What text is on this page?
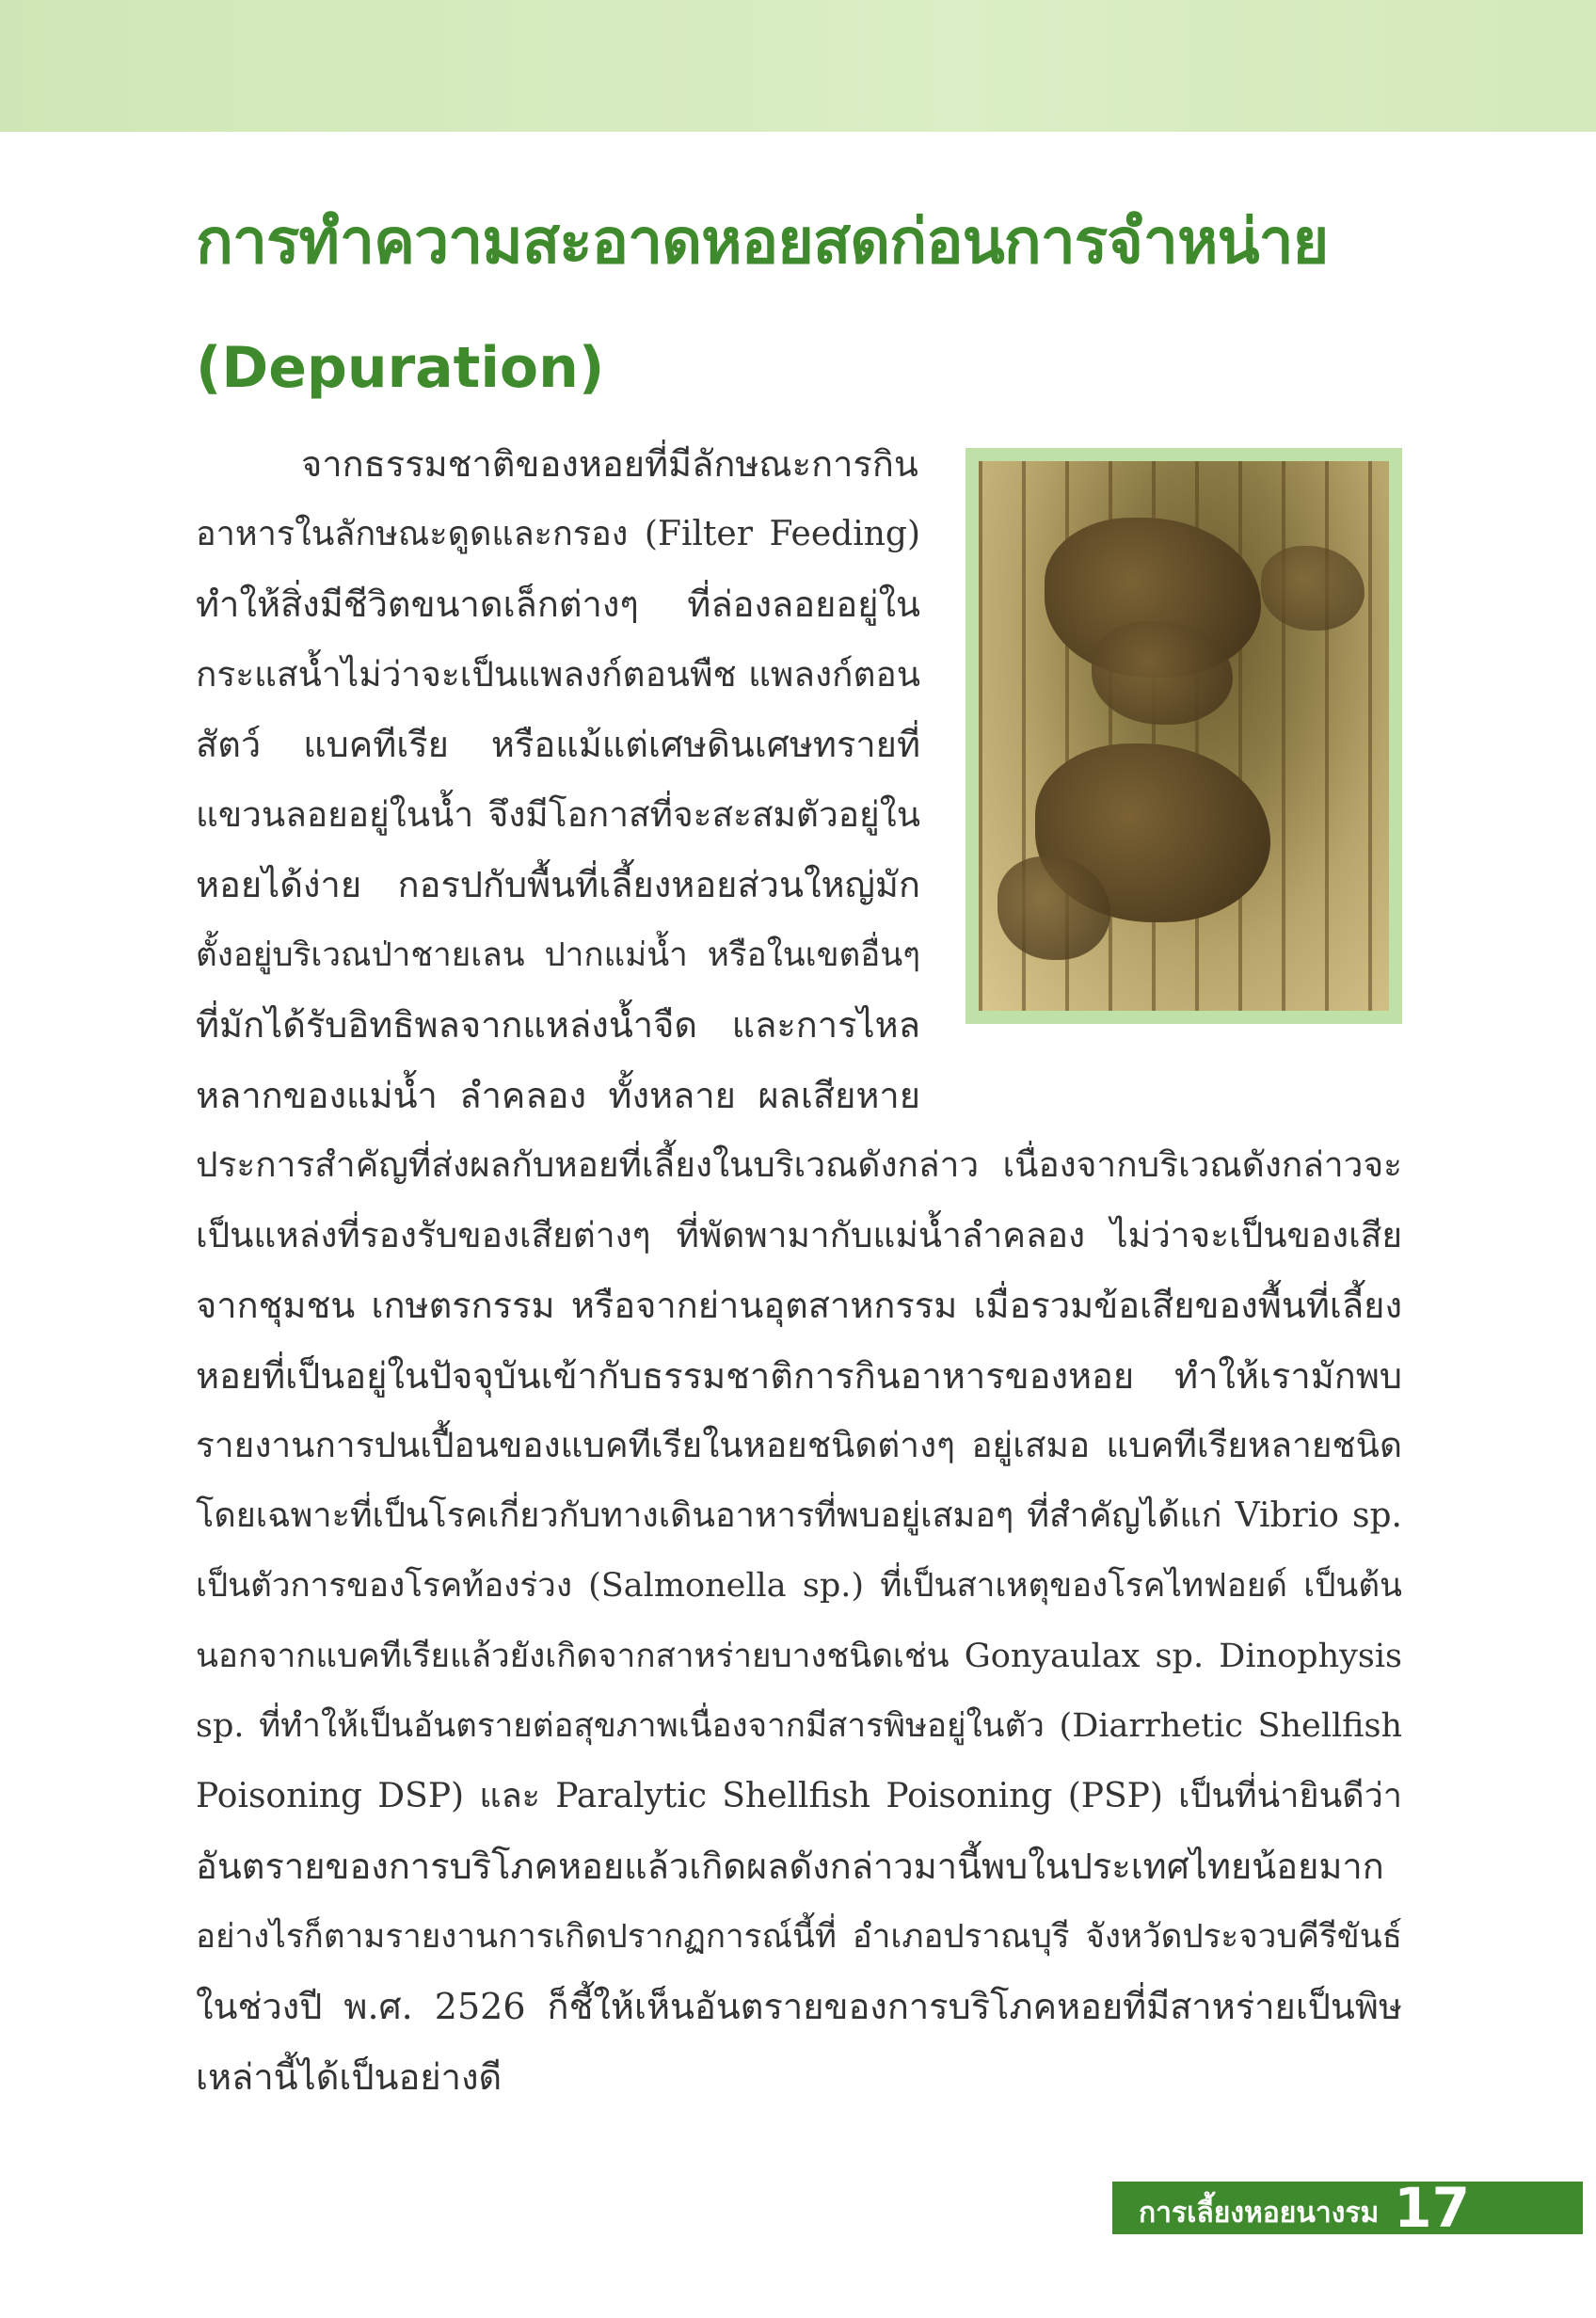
การทำความสะอาดหอยสดก่อนการจำหน่าย
(Depuration)
จากธรรมชาติของหอยที่มีลักษณะการกิน
อาหารในลักษณะดูดและกรอง (Filter Feeding)
ทำให้สิ่งมีชีวิตขนาดเล็กต่างๆ ที่ล่องลอยอยู่ใน
กระแสน้ำไม่ว่าจะเป็นแพลงก์ตอนพืช แพลงก์ตอน
สัตว์ แบคทีเรีย หรือแม้แต่เศษดินเศษทรายที่
แขวนลอยอยู่ในน้ำ จึงมีโอกาสที่จะสะสมตัวอยู่ใน
หอยได้ง่าย กอรปกับพื้นที่เลี้ยงหอยส่วนใหญ่มัก
ตั้งอยู่บริเวณป่าชายเลน ปากแม่น้ำ หรือในเขตอื่นๆ
ที่มักได้รับอิทธิพลจากแหล่งน้ำจืด และการไหล
หลากของแม่น้ำ ลำคลอง ทั้งหลาย ผลเสียหาย
ประการสำคัญที่ส่งผลกับหอยที่เลี้ยงในบริเวณดังกล่าว เนื่องจากบริเวณดังกล่าวจะ
เป็นแหล่งที่รองรับของเสียต่างๆ ที่พัดพามากับแม่น้ำลำคลอง ไม่ว่าจะเป็นของเสีย
จากชุมชน เกษตรกรรม หรือจากย่านอุตสาหกรรม เมื่อรวมข้อเสียของพื้นที่เลี้ยง
หอยที่เป็นอยู่ในปัจจุบันเข้ากับธรรมชาติการกินอาหารของหอย ทำให้เรามักพบ
รายงานการปนเปื้อนของแบคทีเรียในหอยชนิดต่างๆ อยู่เสมอ แบคทีเรียหลายชนิด
โดยเฉพาะที่เป็นโรคเกี่ยวกับทางเดินอาหารที่พบอยู่เสมอๆ ที่สำคัญได้แก่ Vibrio sp.
เป็นตัวการของโรคท้องร่วง (Salmonella sp.) ที่เป็นสาเหตุของโรคไทฟอยด์ เป็นต้น
นอกจากแบคทีเรียแล้วยังเกิดจากสาหร่ายบางชนิดเช่น Gonyaulax sp. Dinophysis
sp. ที่ทำให้เป็นอันตรายต่อสุขภาพเนื่องจากมีสารพิษอยู่ในตัว (Diarrhetic Shellfish
Poisoning DSP) และ Paralytic Shellfish Poisoning (PSP) เป็นที่น่ายินดีว่า
อันตรายของการบริโภคหอยแล้วเกิดผลดังกล่าวมานี้พบในประเทศไทยน้อยมาก
อย่างไรก็ตามรายงานการเกิดปรากฏการณ์นี้ที่ อำเภอปราณบุรี จังหวัดประจวบคีรีขันธ์
ในช่วงปี พ.ศ. 2526 ก็ชี้ให้เห็นอันตรายของการบริโภคหอยที่มีสาหร่ายเป็นพิษ
เหล่านี้ได้เป็นอย่างดี
การเลี้ยงหอยนางรม 17
